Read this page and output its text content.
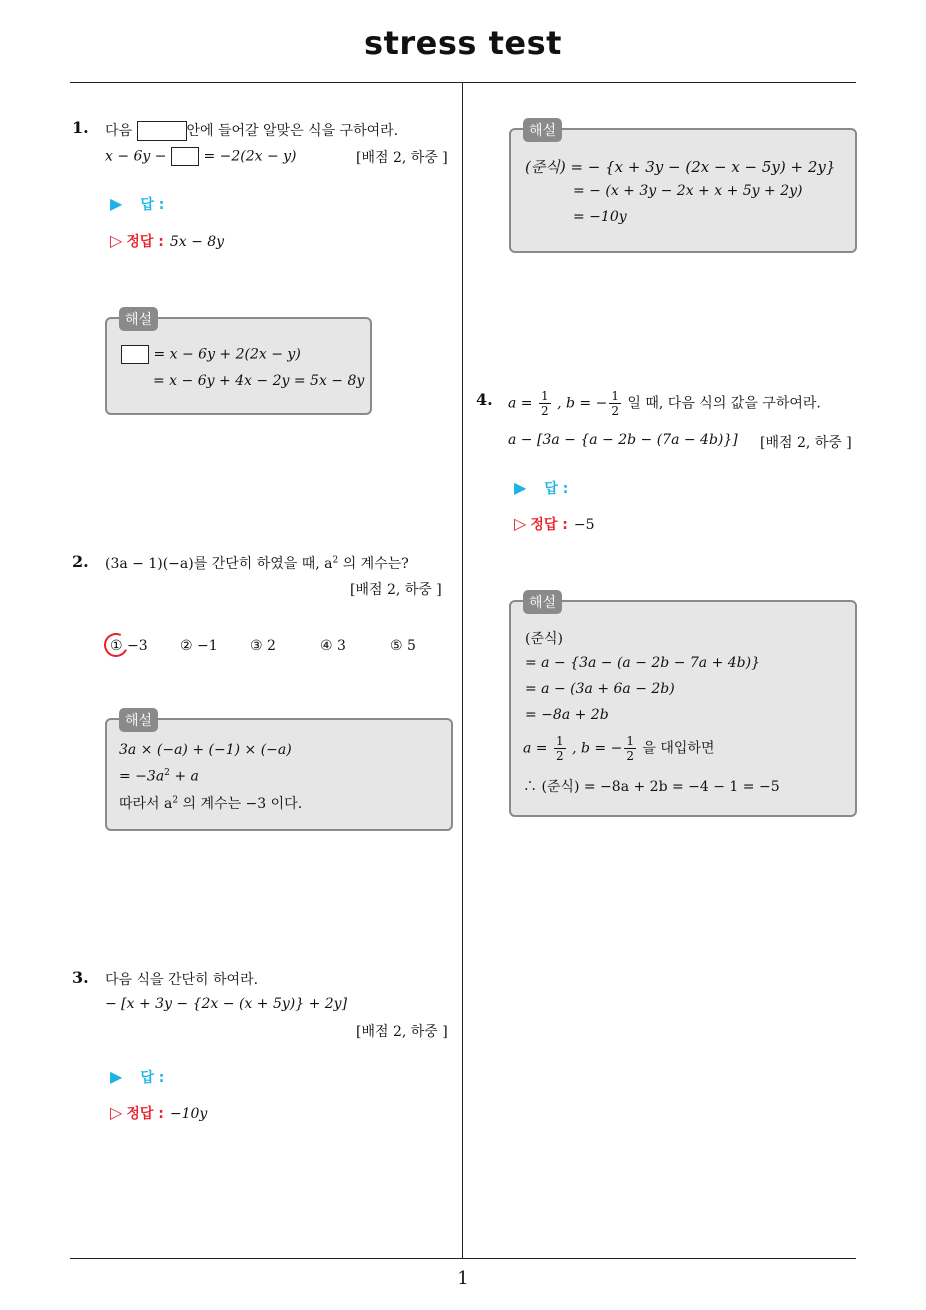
stress test
1. 다음	안에 들어갈 알맞은 식을 구하여라.
x − 6y −	= −2(2x − y)	[배점 2, 하중 ]
▶ 답 :
▷ 정답 : 5x − 8y
해설
= x − 6y + 2(2x − y)
= x − 6y + 4x − 2y = 5x − 8y
2. (3a − 1)(−a)를 간단히 하였을 때, $a^2$ 의 계수는?
[배점 2, 하중 ]
① −3 ② −1 ③ 2	④ 3	⑤ 5
해설
3a × (−a) + (−1) × (−a)
= $-3a^2 + a$
따라서 $a^2$ 의 계수는 −3 이다.
3. 다음 식을 간단히 하여라.
− [x + 3y − {2x − (x + 5y)} + 2y]
[배점 2, 하중 ]
▶ 답 :
▷ 정답 : −10y
해설
(준식) = − {x + 3y − (2x − x − 5y) + 2y}
= − (x + 3y − 2x + x + 5y + 2y)
= −10y
4. $a = \frac{1}{2}$ , b = − $\frac{1}{2}$ 일 때, 다음 식의 값을 구하여라.
a − [3a − {a − 2b − (7a − 4b)}] [배점 2, 하중 ]
▶ 답 :
▷ 정답 : −5
해설
(준식)
= a − {3a − (a − 2b − 7a + 4b)}
= a − (3a + 6a − 2b)
= −8a + 2b
$a = \frac{1}{2}$ , b = − $\frac{1}{2}$ 을 대입하면
∴ (준식) = −8a + 2b = −4 − 1 = −5
1
